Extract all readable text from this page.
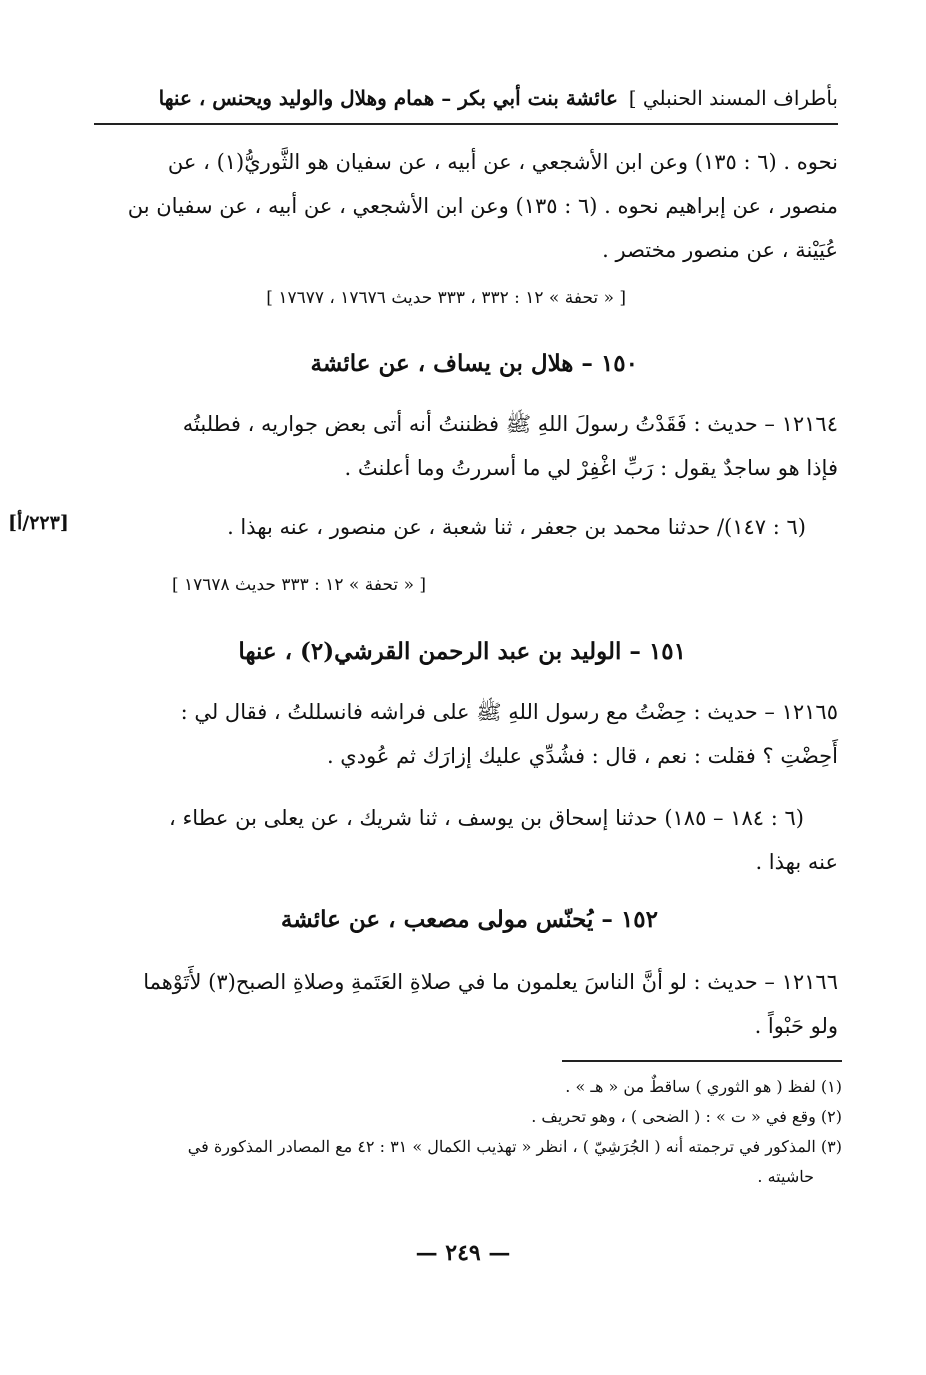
بأطراف المسند الحنبلي ]
عائشة بنت أبي بكر – همام وهلال والوليد ويحنس ، عنها
نحوه . (٦ : ١٣٥) وعن ابن الأشجعي ، عن أبيه ، عن سفيان هو الثَّوريُّ(١) ، عن
منصور ، عن إبراهيم نحوه . (٦ : ١٣٥) وعن ابن الأشجعي ، عن أبيه ، عن سفيان بن
عُيَيْنة ، عن منصور مختصر .
[ « تحفة » ١٢ : ٣٣٢ ، ٣٣٣ حديث ١٧٦٧٦ ، ١٧٦٧٧ ]
١٥٠ – هلال بن يساف ، عن عائشة
١٢١٦٤ – حديث : فَقَدْتُ رسولَ اللهِ ﷺ فظننتُ أنه أتى بعض جواريه ، فطلبتُه
فإذا هو ساجدٌ يقول : رَبِّ اغْفِرْ لي ما أسررتُ وما أعلنتُ .
(٦ : ١٤٧)/ حدثنا محمد بن جعفر ، ثنا شعبة ، عن منصور ، عنه بهذا .
[٢٢٣/أ]
[ « تحفة » ١٢ : ٣٣٣ حديث ١٧٦٧٨ ]
١٥١ – الوليد بن عبد الرحمن القرشي(٢) ، عنها
١٢١٦٥ – حديث : حِضْتُ مع رسول اللهِ ﷺ على فراشه فانسللتُ ، فقال لي :
أَحِضْتِ ؟ فقلت : نعم ، قال : فشُدِّي عليك إزارَك ثم عُودي .
(٦ : ١٨٤ – ١٨٥) حدثنا إسحاق بن يوسف ، ثنا شريك ، عن يعلى بن عطاء ،
عنه بهذا .
١٥٢ – يُحنّس مولى مصعب ، عن عائشة
١٢١٦٦ – حديث : لو أنَّ الناسَ يعلمون ما في صلاةِ العَتَمةِ وصلاةِ الصبح(٣) لأَتَوْهما
ولو حَبْواً .
(١) لفظ ( هو الثوري ) ساقطٌ من « هـ » .
(٢) وقع في « ت » : ( الضحى ) ، وهو تحريف .
(٣) المذكور في ترجمته أنه ( الجُرَشِيّ ) ، انظر « تهذيب الكمال » ٣١ : ٤٢ مع المصادر المذكورة في
حاشيته .
— ٢٤٩ —
